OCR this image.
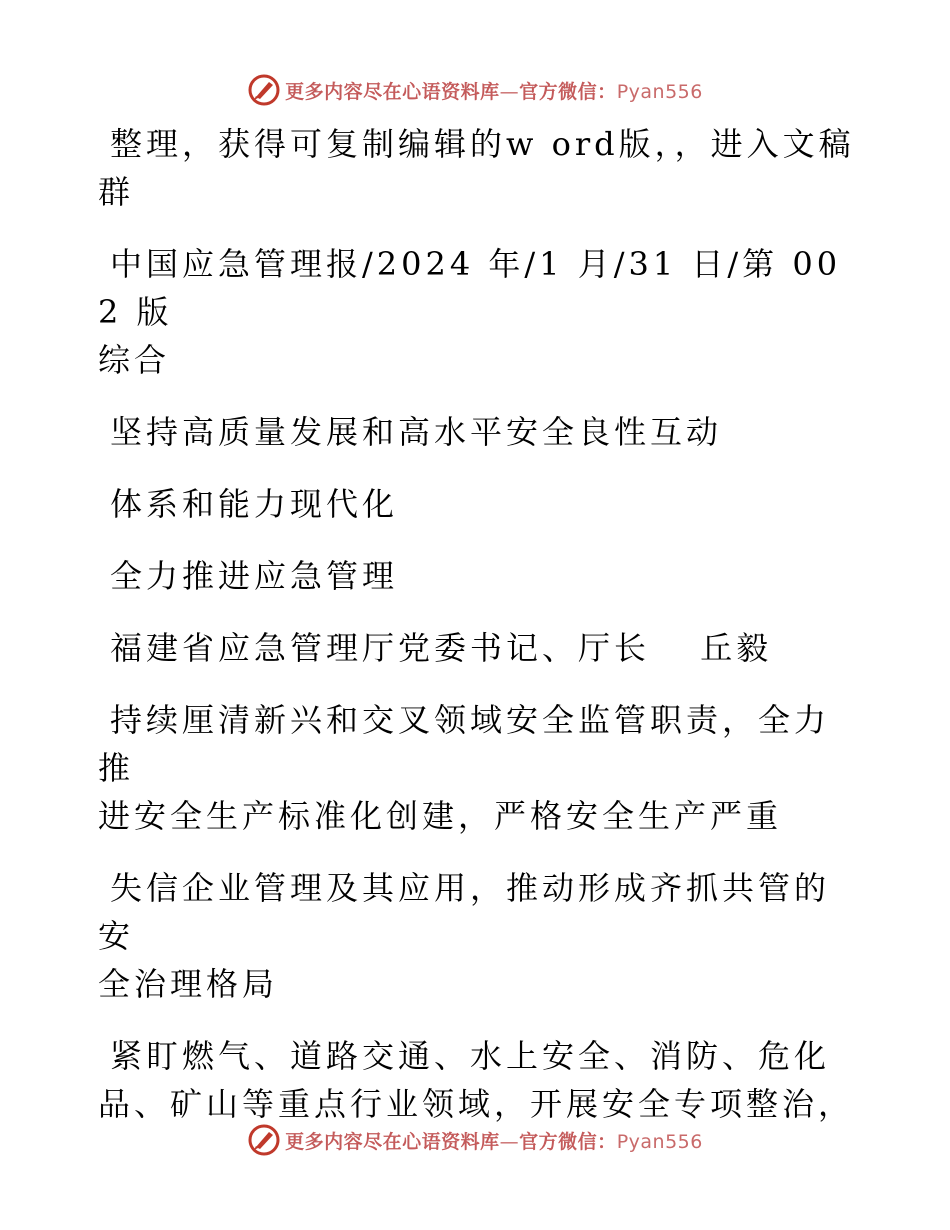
更多内容尽在心语资料库—官方微信：Pyan556

整理，获得可复制编辑的w ord版，，进入文稿
群

中国应急管理报/2024 年/1 月/31 日/第 002 版
综合

坚持高质量发展和高水平安全良性互动

体系和能力现代化

全力推进应急管理

福建省应急管理厅党委书记、厅长　 丘毅

持续厘清新兴和交叉领域安全监管职责，全力推
进安全生产标准化创建，严格安全生产严重

失信企业管理及其应用，推动形成齐抓共管的安
全治理格局

紧盯燃气、道路交通、水上安全、消防、危化
品、矿山等重点行业领域，开展安全专项整治，

更多内容尽在心语资料库—官方微信：Pyan556
